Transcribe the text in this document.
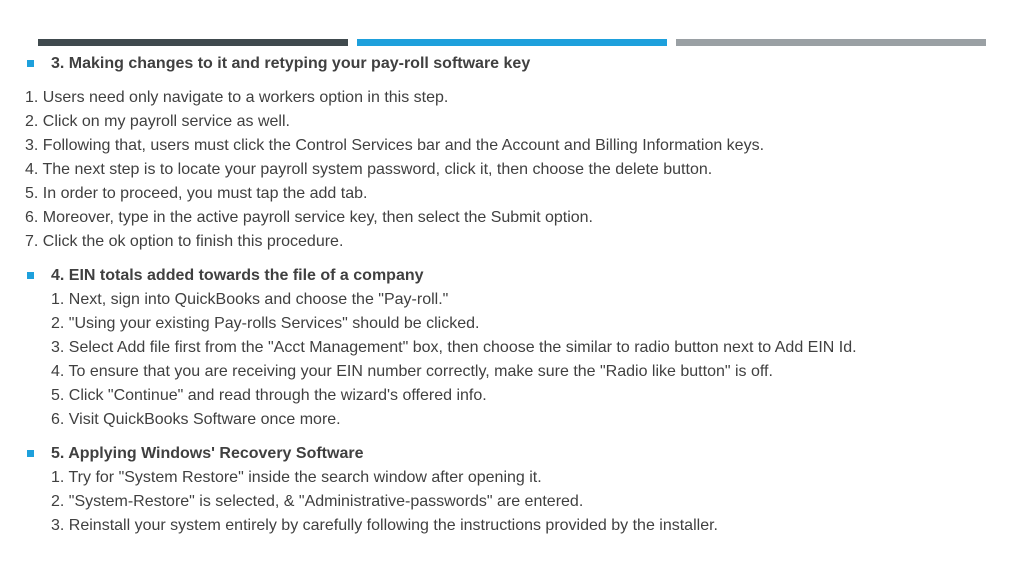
3. Making changes to it and retyping your pay-roll software key
1. Users need only navigate to a workers option in this step.
2. Click on my payroll service as well.
3. Following that, users must click the Control Services bar and the Account and Billing Information keys.
4. The next step is to locate your payroll system password, click it, then choose the delete button.
5. In order to proceed, you must tap the add tab.
6. Moreover, type in the active payroll service key, then select the Submit option.
7. Click the ok option to finish this procedure.
4. EIN totals added towards the file of a company
1. Next, sign into QuickBooks and choose the "Pay-roll."
2. "Using your existing Pay-rolls Services" should be clicked.
3. Select Add file first from the "Acct Management" box, then choose the similar to radio button next to Add EIN Id.
4. To ensure that you are receiving your EIN number correctly, make sure the "Radio like button" is off.
5. Click "Continue" and read through the wizard's offered info.
6. Visit QuickBooks Software once more.
5. Applying Windows' Recovery Software
1. Try for "System Restore" inside the search window after opening it.
2. "System-Restore" is selected, & "Administrative-passwords" are entered.
3. Reinstall your system entirely by carefully following the instructions provided by the installer.
